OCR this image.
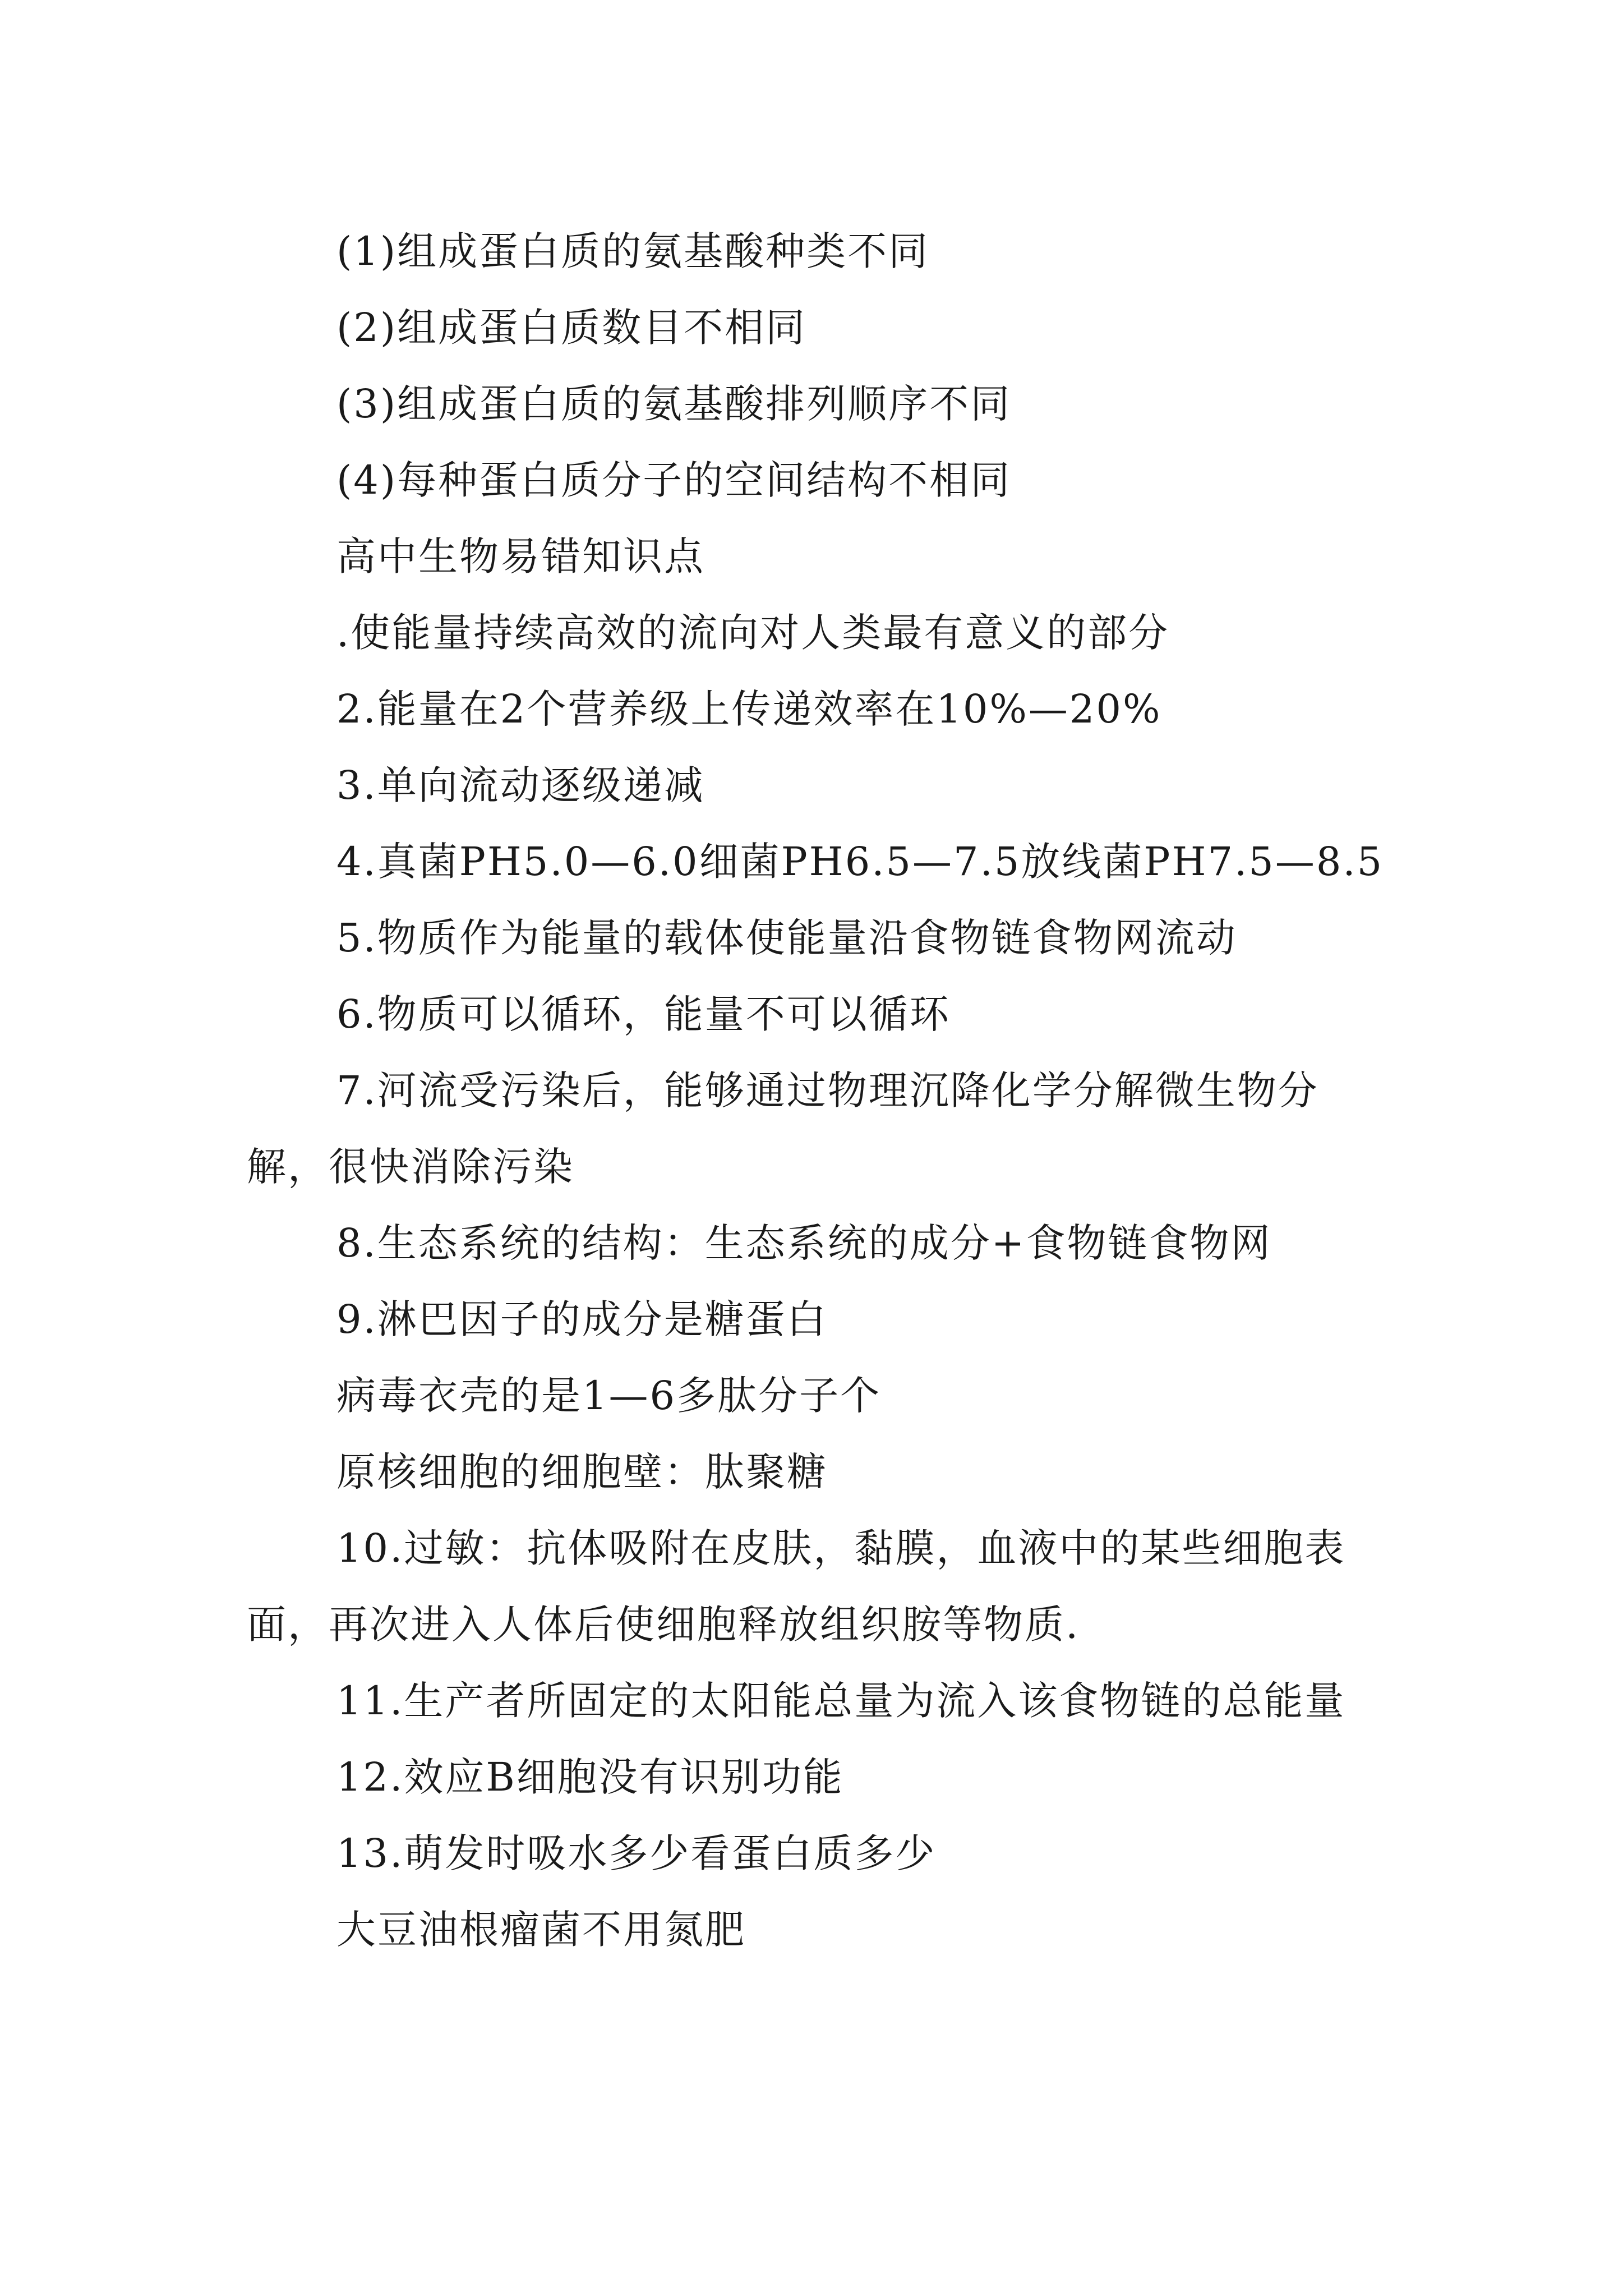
(1)组成蛋白质的氨基酸种类不同

(2)组成蛋白质数目不相同

(3)组成蛋白质的氨基酸排列顺序不同

(4)每种蛋白质分子的空间结构不相同

高中生物易错知识点

.使能量持续高效的流向对人类最有意义的部分

2.能量在2个营养级上传递效率在10%—20%

3.单向流动逐级递减

4.真菌PH5.0—6.0细菌PH6.5—7.5放线菌PH7.5—8.5

5.物质作为能量的载体使能量沿食物链食物网流动

6.物质可以循环，能量不可以循环

7.河流受污染后，能够通过物理沉降化学分解微生物分解，很快消除污染

8.生态系统的结构：生态系统的成分+食物链食物网

9.淋巴因子的成分是糖蛋白

病毒衣壳的是1—6多肽分子个

原核细胞的细胞壁：肽聚糖

10.过敏：抗体吸附在皮肤，黏膜，血液中的某些细胞表面，再次进入人体后使细胞释放组织胺等物质.

11.生产者所固定的太阳能总量为流入该食物链的总能量

12.效应B细胞没有识别功能

13.萌发时吸水多少看蛋白质多少

大豆油根瘤菌不用氮肥
